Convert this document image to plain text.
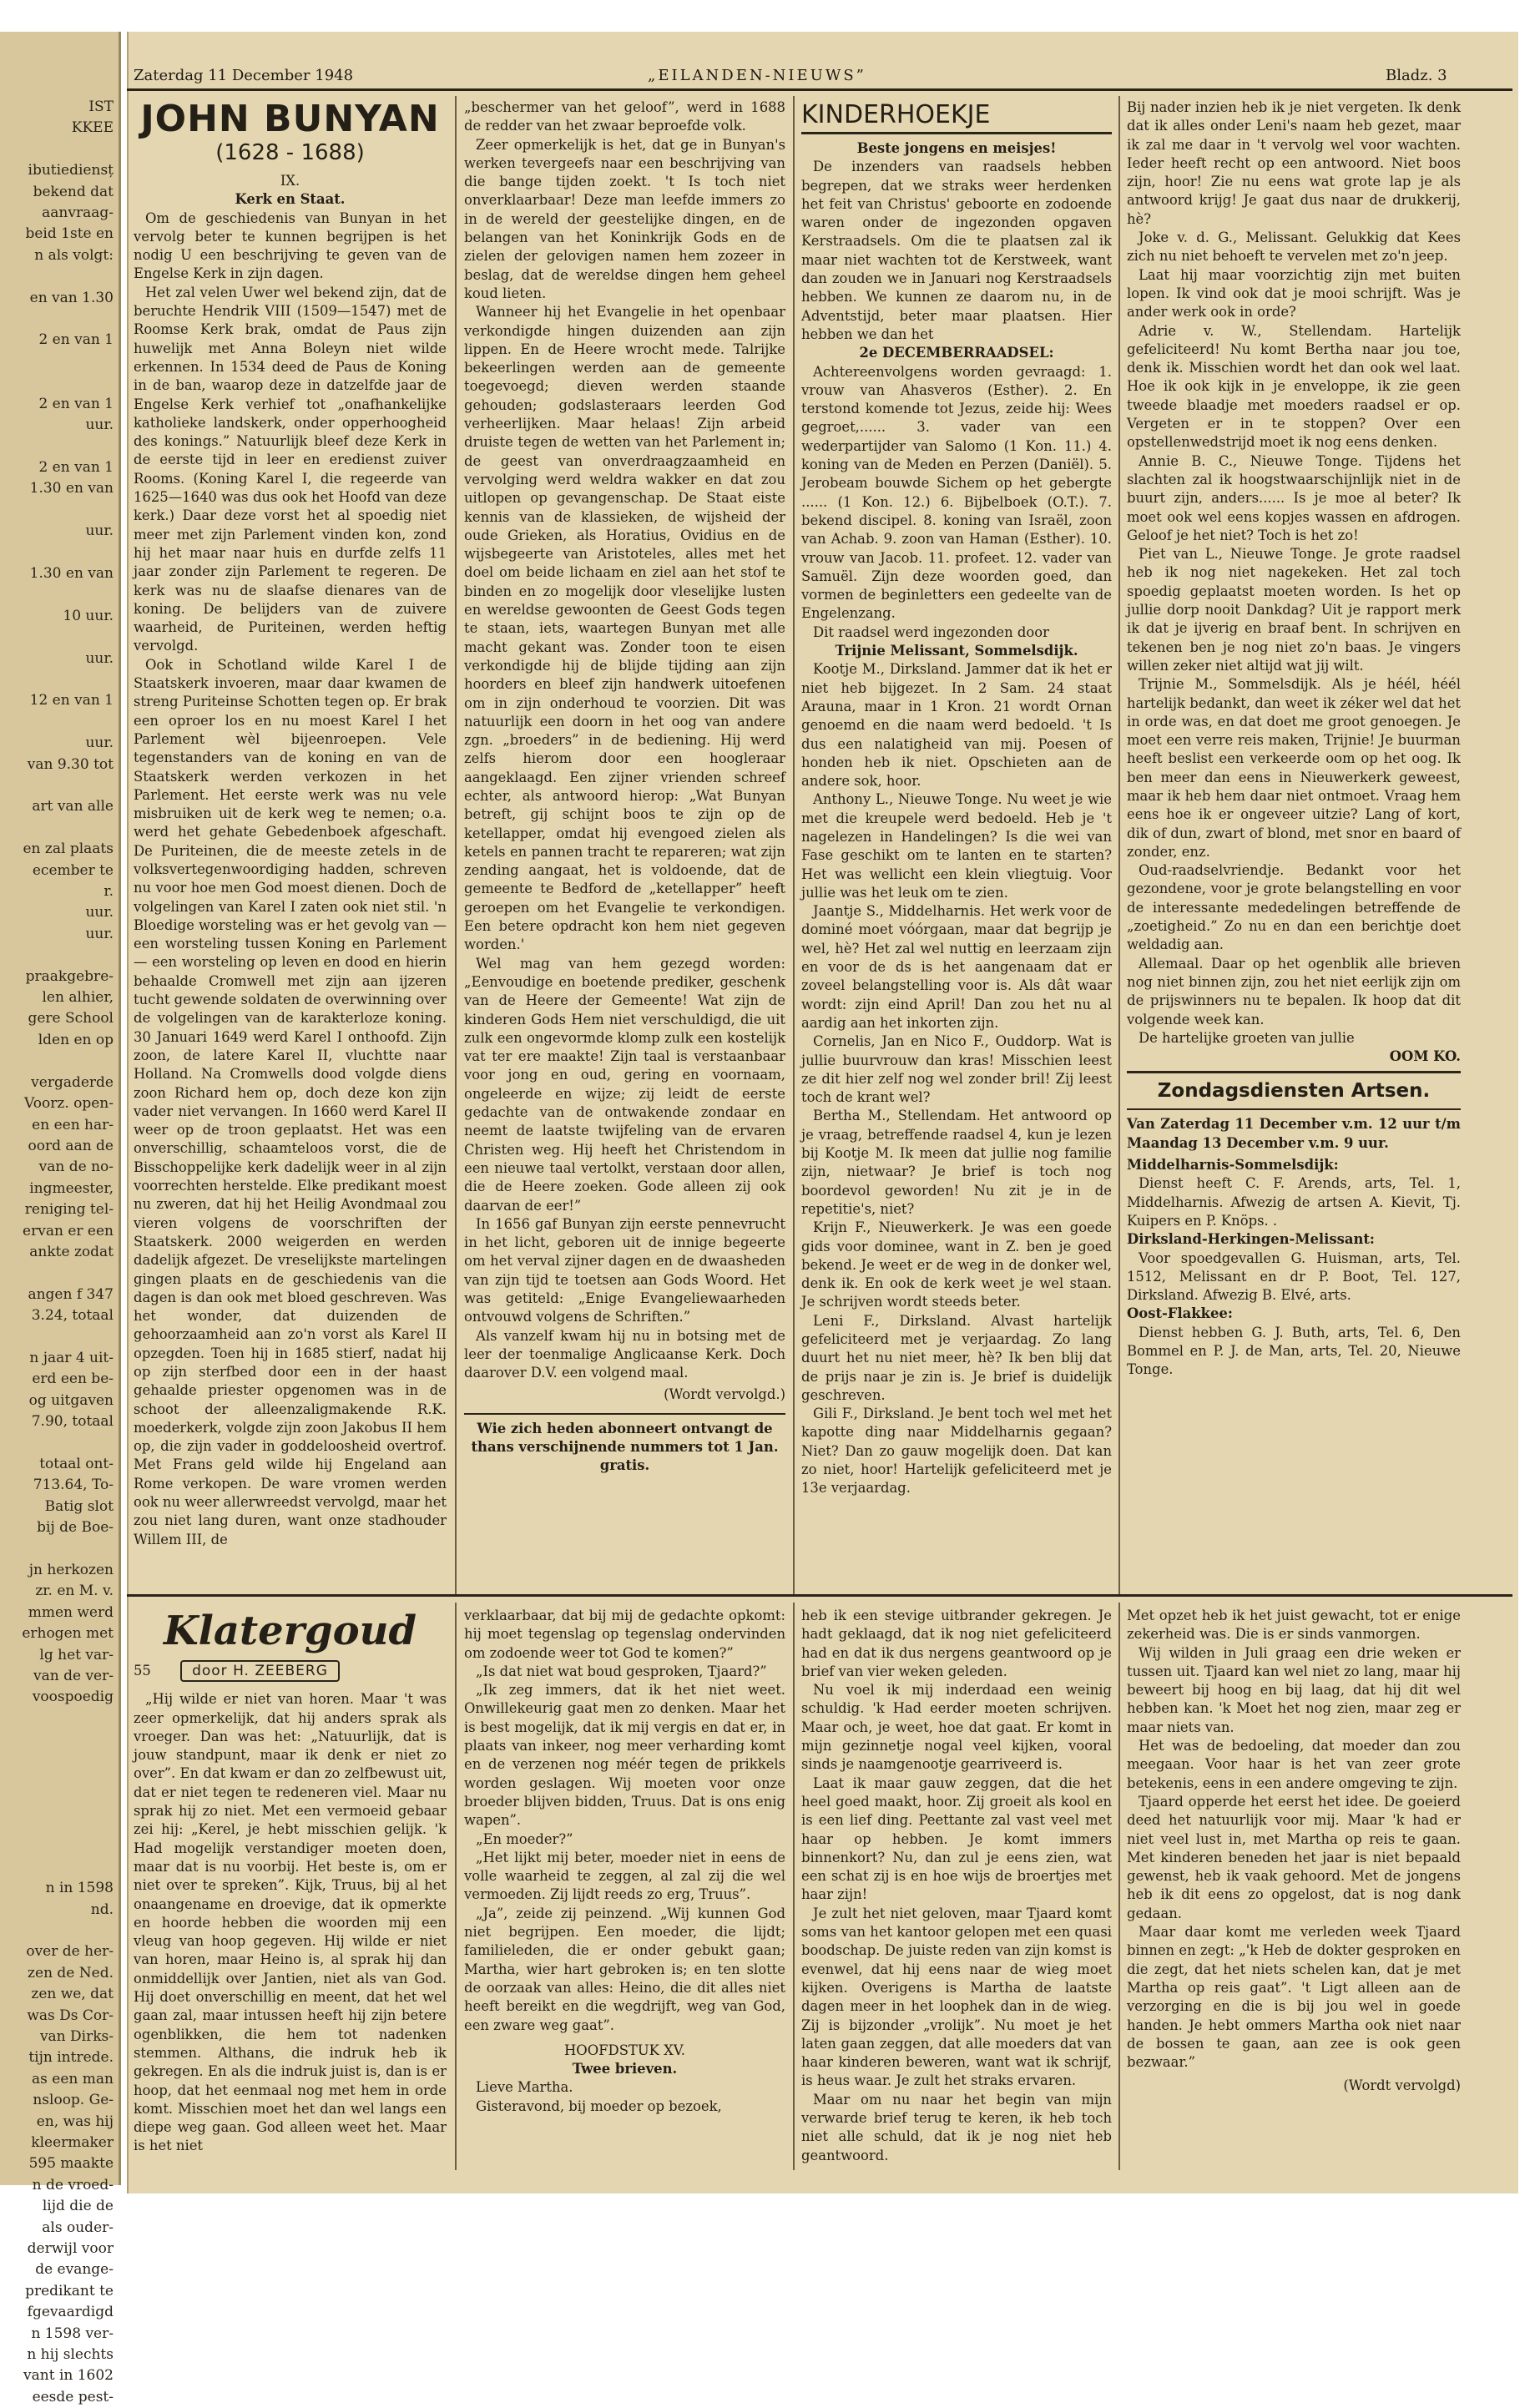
IST
KKEE

ibutiediensț
bekend dat
aanvraag-
beid 1ste en
n als volgt:

en van 1.30

2 en van 1

2 en van 1
uur.

2 en van 1
1.30 en van

uur.

1.30 en van

10 uur.

uur.

12 en van 1

uur.
van 9.30 tot

art van alle

en zal plaats
ecember te
r.
uur.
uur.

praakgebre-
len alhier,
gere School
lden en op

vergaderde
Voorz. open-
en een har-
oord aan de
van de no-
ingmeester,
reniging tel-
ervan er een
ankte zodat

angen f 347
3.24, totaal

n jaar 4 uit-
erd een be-
og uitgaven
7.90, totaal

totaal ont-
713.64, To-
Batig slot
bij de Boe-

jn herkozen
zr. en M. v.
mmen werd
erhogen met
lg het var-
van de ver-
voospoedig

n in 1598
nd.

over de her-
zen de Ned.
zen we, dat
was Ds Cor-
van Dirks-
tijn intrede.
as een man
nsloop. Ge-
en, was hij
kleermaker
595 maakte
n de vroed-
lijd die de
als ouder-
derwijl voor
de evange-
predikant te
fgevaardigd
n 1598 ver-
n hij slechts
vant in 1602
eesde pest-
Zaterdag 11 December 1948	„EILANDEN-NIEUWS”	Bladz. 3
JOHN BUNYAN
(1628 - 1688)
IX.
Kerk en Staat.

Om de geschiedenis van Bunyan in het vervolg beter te kunnen begrijpen is het nodig U een beschrijving te geven van de Engelse Kerk in zijn dagen.

Het zal velen Uwer wel bekend zijn, dat de beruchte Hendrik VIII (1509—1547) met de Roomse Kerk brak, omdat de Paus zijn huwelijk met Anna Boleyn niet wilde erkennen. In 1534 deed de Paus de Koning in de ban, waarop deze in datzelfde jaar de Engelse Kerk verhief tot „onafhankelijke katholieke landskerk, onder opperhoogheid des konings.” Natuurlijk bleef deze Kerk in de eerste tijd in leer en eredienst zuiver Rooms. (Koning Karel I, die regeerde van 1625—1640 was dus ook het Hoofd van deze kerk.) Daar deze vorst het al spoedig niet meer met zijn Parlement vinden kon, zond hij het maar naar huis en durfde zelfs 11 jaar zonder zijn Parlement te regeren. De kerk was nu de slaafse dienares van de koning. De belijders van de zuivere waarheid, de Puriteinen, werden heftig vervolgd.

Ook in Schotland wilde Karel I de Staatskerk invoeren, maar daar kwamen de streng Puriteinse Schotten tegen op. Er brak een oproer los en nu moest Karel I het Parlement wèl bijeenroepen. Vele tegenstanders van de koning en van de Staatskerk werden verkozen in het Parlement. Het eerste werk was nu vele misbruiken uit de kerk weg te nemen; o.a. werd het gehate Gebedenboek afgeschaft. De Puriteinen, die de meeste zetels in de volksvertegenwoordiging hadden, schreven nu voor hoe men God moest dienen. Doch de volgelingen van Karel I zaten ook niet stil. 'n Bloedige worsteling was er het gevolg van — een worsteling tussen Koning en Parlement — een worsteling op leven en dood en hierin behaalde Cromwell met zijn aan ijzeren tucht gewende soldaten de overwinning over de volgelingen van de karakterloze koning. 30 Januari 1649 werd Karel I onthoofd. Zijn zoon, de latere Karel II, vluchtte naar Holland. Na Cromwells dood volgde diens zoon Richard hem op, doch deze kon zijn vader niet vervangen. In 1660 werd Karel II weer op de troon geplaatst. Het was een onverschillig, schaamteloos vorst, die de Bisschoppelijke kerk dadelijk weer in al zijn voorrechten herstelde. Elke predikant moest nu zweren, dat hij het Heilig Avondmaal zou vieren volgens de voorschriften der Staatskerk. 2000 weigerden en werden dadelijk afgezet. De vreselijkste martelingen gingen plaats en de geschiedenis van die dagen is dan ook met bloed geschreven. Was het wonder, dat duizenden de gehoorzaamheid aan zo'n vorst als Karel II opzegden. Toen hij in 1685 stierf, nadat hij op zijn sterfbed door een in der haast gehaalde priester opgenomen was in de schoot der alleenzaligmakende R.K. moederkerk, volgde zijn zoon Jakobus II hem op, die zijn vader in goddeloosheid overtrof. Met Frans geld wilde hij Engeland aan Rome verkopen. De ware vromen werden ook nu weer allerwreedst vervolgd, maar het zou niet lang duren, want onze stadhouder Willem III, de

„beschermer van het geloof”, werd in 1688 de redder van het zwaar beproefde volk.

Zeer opmerkelijk is het, dat ge in Bunyan's werken tevergeefs naar een beschrijving van die bange tijden zoekt. 't Is toch niet onverklaarbaar! Deze man leefde immers zo in de wereld der geestelijke dingen, en de belangen van het Koninkrijk Gods en de zielen der gelovigen namen hem zozeer in beslag, dat de wereldse dingen hem geheel koud lieten.

Wanneer hij het Evangelie in het openbaar verkondigde hingen duizenden aan zijn lippen. En de Heere wrocht mede. Talrijke bekeerlingen werden aan de gemeente toegevoegd; dieven werden staande gehouden; godslasteraars leerden God verheerlijken. Maar helaas! Zijn arbeid druiste tegen de wetten van het Parlement in; de geest van onverdraagzaamheid en vervolging werd weldra wakker en dat zou uitlopen op gevangenschap. De Staat eiste kennis van de klassieken, de wijsheid der oude Grieken, als Horatius, Ovidius en de wijsbegeerte van Aristoteles, alles met het doel om beide lichaam en ziel aan het stof te binden en zo mogelijk door vleselijke lusten en wereldse gewoonten de Geest Gods tegen te staan, iets, waartegen Bunyan met alle macht gekant was. Zonder toon te eisen verkondigde hij de blijde tijding aan zijn hoorders en bleef zijn handwerk uitoefenen om in zijn onderhoud te voorzien. Dit was natuurlijk een doorn in het oog van andere zgn. „broeders” in de bediening. Hij werd zelfs hierom door een hoogleraar aangeklaagd. Een zijner vrienden schreef echter, als antwoord hierop: „Wat Bunyan betreft, gij schijnt boos te zijn op de ketellapper, omdat hij evengoed zielen als ketels en pannen tracht te repareren; wat zijn zending aangaat, het is voldoende, dat de gemeente te Bedford de „ketellapper” heeft geroepen om het Evangelie te verkondigen. Een betere opdracht kon hem niet gegeven worden.'

Wel mag van hem gezegd worden: „Eenvoudige en boetende prediker, geschenk van de Heere der Gemeente! Wat zijn de kinderen Gods Hem niet verschuldigd, die uit zulk een ongevormde klomp zulk een kostelijk vat ter ere maakte! Zijn taal is verstaanbaar voor jong en oud, gering en voornaam, ongeleerde en wijze; zij leidt de eerste gedachte van de ontwakende zondaar en neemt de laatste twijfeling van de ervaren Christen weg. Hij heeft het Christendom in een nieuwe taal vertolkt, verstaan door allen, die de Heere zoeken. Gode alleen zij ook daarvan de eer!”

In 1656 gaf Bunyan zijn eerste pennevrucht in het licht, geboren uit de innige begeerte om het verval zijner dagen en de dwaasheden van zijn tijd te toetsen aan Gods Woord. Het was getiteld: „Enige Evangeliewaarheden ontvouwd volgens de Schriften.”

Als vanzelf kwam hij nu in botsing met de leer der toenmalige Anglicaanse Kerk. Doch daarover D.V. een volgend maal.

(Wordt vervolgd.)
Wie zich heden abonneert ontvangt de thans verschijnende nummers tot 1 Jan. gratis.
KINDERHOEKJE
Beste jongens en meisjes!

De inzenders van raadsels hebben begrepen, dat we straks weer herdenken het feit van Christus' geboorte en zodoende waren onder de ingezonden opgaven Kerstraadsels. Om die te plaatsen zal ik maar niet wachten tot de Kerstweek, want dan zouden we in Januari nog Kerstraadsels hebben. We kunnen ze daarom nu, in de Adventstijd, beter maar plaatsen. Hier hebben we dan het

2e DECEMBERRAADSEL:

Achtereenvolgens worden gevraagd: 1. vrouw van Ahasveros (Esther). 2. En terstond komende tot Jezus, zeide hij: Wees gegroet,...... 3. vader van een wederpartijder van Salomo (1 Kon. 11.) 4. koning van de Meden en Perzen (Daniël). 5. Jerobeam bouwde Sichem op het gebergte ...... (1 Kon. 12.) 6. Bijbelboek (O.T.). 7. bekend discipel. 8. koning van Israël, zoon van Achab. 9. zoon van Haman (Esther). 10. vrouw van Jacob. 11. profeet. 12. vader van Samuël. Zijn deze woorden goed, dan vormen de beginletters een gedeelte van de Engelenzang.

Dit raadsel werd ingezonden door

Trijnie Melissant, Sommelsdijk.

Kootje M., Dirksland. Jammer dat ik het er niet heb bijgezet. In 2 Sam. 24 staat Arauna, maar in 1 Kron. 21 wordt Ornan genoemd en die naam werd bedoeld. 't Is dus een nalatigheid van mij. Poesen of honden heb ik niet. Opschieten aan de andere sok, hoor.

Anthony L., Nieuwe Tonge. Nu weet je wie met die kreupele werd bedoeld. Heb je 't nagelezen in Handelingen? Is die wei van Fase geschikt om te lanten en te starten? Het was wellicht een klein vliegtuig. Voor jullie was het leuk om te zien.

Jaantje S., Middelharnis. Het werk voor de dominé moet vóórgaan, maar dat begrijp je wel, hè? Het zal wel nuttig en leerzaam zijn en voor de ds is het aangenaam dat er zoveel belangstelling voor is. Als dât waar wordt: zijn eind April! Dan zou het nu al aardig aan het inkorten zijn.

Cornelis, Jan en Nico F., Ouddorp. Wat is jullie buurvrouw dan kras! Misschien leest ze dit hier zelf nog wel zonder bril! Zij leest toch de krant wel?

Bertha M., Stellendam. Het antwoord op je vraag, betreffende raadsel 4, kun je lezen bij Kootje M. Ik meen dat jullie nog familie zijn, nietwaar? Je brief is toch nog boordevol geworden! Nu zit je in de repetitie's, niet?

Krijn F., Nieuwerkerk. Je was een goede gids voor dominee, want in Z. ben je goed bekend. Je weet er de weg in de donker wel, denk ik. En ook de kerk weet je wel staan. Je schrijven wordt steeds beter.

Leni F., Dirksland. Alvast hartelijk gefeliciteerd met je verjaardag. Zo lang duurt het nu niet meer, hè? Ik ben blij dat de prijs naar je zin is. Je brief is duidelijk geschreven.

Gili F., Dirksland. Je bent toch wel met het kapotte ding naar Middelharnis gegaan? Niet? Dan zo gauw mogelijk doen. Dat kan zo niet, hoor! Hartelijk gefeliciteerd met je 13e verjaardag.

Bij nader inzien heb ik je niet vergeten. Ik denk dat ik alles onder Leni's naam heb gezet, maar ik zal me daar in 't vervolg wel voor wachten. Ieder heeft recht op een antwoord. Niet boos zijn, hoor! Zie nu eens wat grote lap je als antwoord krijg! Je gaat dus naar de drukkerij, hè?

Joke v. d. G., Melissant. Gelukkig dat Kees zich nu niet behoeft te vervelen met zo'n jeep.

Laat hij maar voorzichtig zijn met buiten lopen. Ik vind ook dat je mooi schrijft. Was je ander werk ook in orde?

Adrie v. W., Stellendam. Hartelijk gefeliciteerd! Nu komt Bertha naar jou toe, denk ik. Misschien wordt het dan ook wel laat. Hoe ik ook kijk in je enveloppe, ik zie geen tweede blaadje met moeders raadsel er op. Vergeten er in te stoppen? Over een opstellenwedstrijd moet ik nog eens denken.

Annie B. C., Nieuwe Tonge. Tijdens het slachten zal ik hoogstwaarschijnlijk niet in de buurt zijn, anders...... Is je moe al beter? Ik moet ook wel eens kopjes wassen en afdrogen. Geloof je het niet? Toch is het zo!

Piet van L., Nieuwe Tonge. Je grote raadsel heb ik nog niet nagekeken. Het zal toch spoedig geplaatst moeten worden. Is het op jullie dorp nooit Dankdag? Uit je rapport merk ik dat je ijverig en braaf bent. In schrijven en tekenen ben je nog niet zo'n baas. Je vingers willen zeker niet altijd wat jij wilt.

Trijnie M., Sommelsdijk. Als je héél, héél hartelijk bedankt, dan weet ik zéker wel dat het in orde was, en dat doet me groot genoegen. Je moet een verre reis maken, Trijnie! Je buurman heeft beslist een verkeerde oom op het oog. Ik ben meer dan eens in Nieuwerkerk geweest, maar ik heb hem daar niet ontmoet. Vraag hem eens hoe ik er ongeveer uitzie? Lang of kort, dik of dun, zwart of blond, met snor en baard of zonder, enz.

Oud-raadselvriendje. Bedankt voor het gezondene, voor je grote belangstelling en voor de interessante mededelingen betreffende de „zoetigheid.” Zo nu en dan een berichtje doet weldadig aan.

Allemaal. Daar op het ogenblik alle brieven nog niet binnen zijn, zou het niet eerlijk zijn om de prijswinners nu te bepalen. Ik hoop dat dit volgende week kan.

De hartelijke groeten van jullie

OOM KO.
Zondagsdiensten Artsen.
Van Zaterdag 11 December v.m. 12 uur t/m Maandag 13 December v.m. 9 uur.
Middelharnis-Sommelsdijk:

Dienst heeft C. F. Arends, arts, Tel. 1, Middelharnis. Afwezig de artsen A. Kievit, Tj. Kuipers en P. Knöps. .

Dirksland-Herkingen-Melissant:

Voor spoedgevallen G. Huisman, arts, Tel. 1512, Melissant en dr P. Boot, Tel. 127, Dirksland. Afwezig B. Elvé, arts.

Oost-Flakkee:

Dienst hebben G. J. Buth, arts, Tel. 6, Den Bommel en P. J. de Man, arts, Tel. 20, Nieuwe Tonge.

Klatergoud
55	door H. ZEEBERG

„Hij wilde er niet van horen. Maar 't was zeer opmerkelijk, dat hij anders sprak als vroeger. Dan was het: „Natuurlijk, dat is jouw standpunt, maar ik denk er niet zo over”. En dat kwam er dan zo zelfbewust uit, dat er niet tegen te redeneren viel. Maar nu sprak hij zo niet. Met een vermoeid gebaar zei hij: „Kerel, je hebt misschien gelijk. 'k Had mogelijk verstandiger moeten doen, maar dat is nu voorbij. Het beste is, om er niet over te spreken”. Kijk, Truus, bij al het onaangename en droevige, dat ik opmerkte en hoorde hebben die woorden mij een vleug van hoop gegeven. Hij wilde er niet van horen, maar Heino is, al sprak hij dan onmiddellijk over Jantien, niet als van God. Hij doet onverschillig en meent, dat het wel gaan zal, maar intussen heeft hij zijn betere ogenblikken, die hem tot nadenken stemmen. Althans, die indruk heb ik gekregen. En als die indruk juist is, dan is er hoop, dat het eenmaal nog met hem in orde komt. Misschien moet het dan wel langs een diepe weg gaan. God alleen weet het. Maar is het niet

verklaarbaar, dat bij mij de gedachte opkomt: hij moet tegenslag op tegenslag ondervinden om zodoende weer tot God te komen?”

„Is dat niet wat boud gesproken, Tjaard?”

„Ik zeg immers, dat ik het niet weet. Onwillekeurig gaat men zo denken. Maar het is best mogelijk, dat ik mij vergis en dat er, in plaats van inkeer, nog meer verharding komt en de verzenen nog méér tegen de prikkels worden geslagen. Wij moeten voor onze broeder blijven bidden, Truus. Dat is ons enig wapen”.

„En moeder?”

„Het lijkt mij beter, moeder niet in eens de volle waarheid te zeggen, al zal zij die wel vermoeden. Zij lijdt reeds zo erg, Truus”.

„Ja”, zeide zij peinzend. „Wij kunnen God niet begrijpen. Een moeder, die lijdt; familieleden, die er onder gebukt gaan; Martha, wier hart gebroken is; en ten slotte de oorzaak van alles: Heino, die dit alles niet heeft bereikt en die wegdrijft, weg van God, een zware weg gaat”.

HOOFDSTUK XV.
Twee brieven.

Lieve Martha.

Gisteravond, bij moeder op bezoek,

heb ik een stevige uitbrander gekregen. Je hadt geklaagd, dat ik nog niet gefeliciteerd had en dat ik dus nergens geantwoord op je brief van vier weken geleden.

Nu voel ik mij inderdaad een weinig schuldig. 'k Had eerder moeten schrijven. Maar och, je weet, hoe dat gaat. Er komt in mijn gezinnetje nogal veel kijken, vooral sinds je naamgenootje gearriveerd is.

Laat ik maar gauw zeggen, dat die het heel goed maakt, hoor. Zij groeit als kool en is een lief ding. Peettante zal vast veel met haar op hebben. Je komt immers binnenkort? Nu, dan zul je eens zien, wat een schat zij is en hoe wijs de broertjes met haar zijn!

Je zult het niet geloven, maar Tjaard komt soms van het kantoor gelopen met een quasi boodschap. De juiste reden van zijn komst is evenwel, dat hij eens naar de wieg moet kijken. Overigens is Martha de laatste dagen meer in het loophek dan in de wieg. Zij is bijzonder „vrolijk”. Nu moet je het laten gaan zeggen, dat alle moeders dat van haar kinderen beweren, want wat ik schrijf, is heus waar. Je zult het straks ervaren.

Maar om nu naar het begin van mijn verwarde brief terug te keren, ik heb toch niet alle schuld, dat ik je nog niet heb geantwoord.

Met opzet heb ik het juist gewacht, tot er enige zekerheid was. Die is er sinds vanmorgen.

Wij wilden in Juli graag een drie weken er tussen uit. Tjaard kan wel niet zo lang, maar hij beweert bij hoog en bij laag, dat hij dit wel hebben kan. 'k Moet het nog zien, maar zeg er maar niets van.

Het was de bedoeling, dat moeder dan zou meegaan. Voor haar is het van zeer grote betekenis, eens in een andere omgeving te zijn.

Tjaard opperde het eerst het idee. De goeierd deed het natuurlijk voor mij. Maar 'k had er niet veel lust in, met Martha op reis te gaan. Met kinderen beneden het jaar is niet bepaald gewenst, heb ik vaak gehoord. Met de jongens heb ik dit eens zo opgelost, dat is nog dank gedaan.

Maar daar komt me verleden week Tjaard binnen en zegt: „'k Heb de dokter gesproken en die zegt, dat het niets schelen kan, dat je met Martha op reis gaat”. 't Ligt alleen aan de verzorging en die is bij jou wel in goede handen. Je hebt ommers Martha ook niet naar de bossen te gaan, aan zee is ook geen bezwaar.”

(Wordt vervolgd)
